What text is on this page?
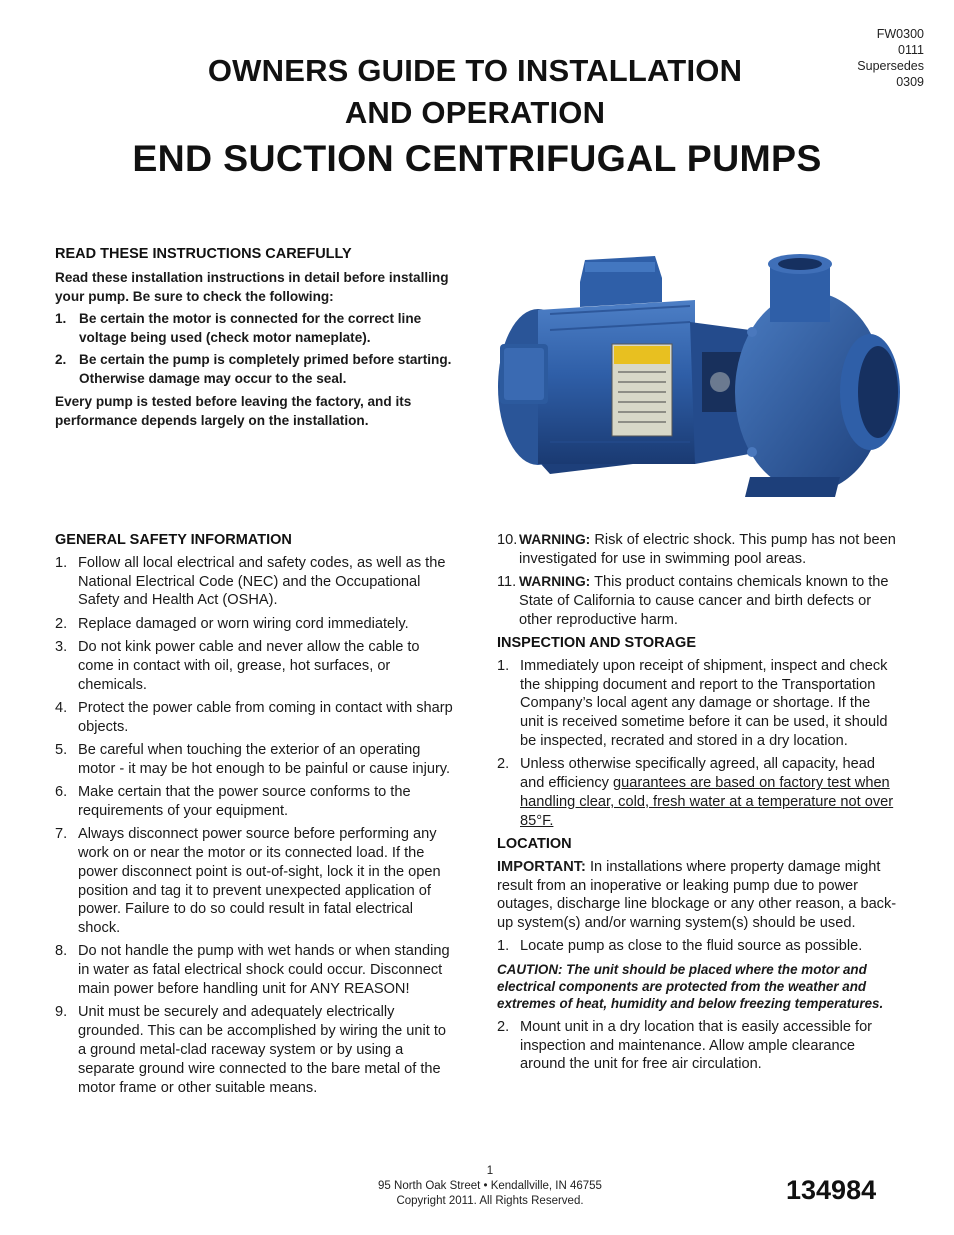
FW0300
0111
Supersedes
0309
OWNERS GUIDE TO INSTALLATION
AND OPERATION
END SUCTION CENTRIFUGAL PUMPS
READ THESE INSTRUCTIONS CAREFULLY

Read these installation instructions in detail before installing your pump. Be sure to check the following:

1. Be certain the motor is connected for the correct line voltage being used (check motor nameplate).
2. Be certain the pump is completely primed before starting. Otherwise damage may occur to the seal.

Every pump is tested before leaving the factory, and its performance depends largely on the installation.

GENERAL SAFETY INFORMATION
1. Follow all local electrical and safety codes, as well as the National Electrical Code (NEC) and the Occupational Safety and Health Act (OSHA).
2. Replace damaged or worn wiring cord immediately.
3. Do not kink power cable and never allow the cable to come in contact with oil, grease, hot surfaces, or chemicals.
4. Protect the power cable from coming in contact with sharp objects.
5. Be careful when touching the exterior of an operating motor - it may be hot enough to be painful or cause injury.
6. Make certain that the power source conforms to the requirements of your equipment.
7. Always disconnect power source before performing any work on or near the motor or its connected load. If the power disconnect point is out-of-sight, lock it in the open position and tag it to prevent unexpected application of power. Failure to do so could result in fatal electrical shock.
8. Do not handle the pump with wet hands or when standing in water as fatal electrical shock could occur. Disconnect main power before handling unit for ANY REASON!
9. Unit must be securely and adequately electrically grounded. This can be accomplished by wiring the unit to a ground metal-clad raceway system or by using a separate ground wire connected to the bare metal of the motor frame or other suitable means.
10. WARNING: Risk of electric shock. This pump has not been investigated for use in swimming pool areas.
11. WARNING: This product contains chemicals known to the State of California to cause cancer and birth defects or other reproductive harm.
INSPECTION AND STORAGE
1. Immediately upon receipt of shipment, inspect and check the shipping document and report to the Transportation Company’s local agent any damage or shortage. If the unit is received sometime before it can be used, it should be inspected, recrated and stored in a dry location.
2. Unless otherwise specifically agreed, all capacity, head and efficiency guarantees are based on factory test when handling clear, cold, fresh water at a temperature not over 85°F.
LOCATION

IMPORTANT: In installations where property damage might result from an inoperative or leaking pump due to power outages, discharge line blockage or any other reason, a back-up system(s) and/or warning system(s) should be used.

1. Locate pump as close to the fluid source as possible.

CAUTION: The unit should be placed where the motor and electrical components are protected from the weather and extremes of heat, humidity and below freezing temperatures.

2. Mount unit in a dry location that is easily accessible for inspection and maintenance. Allow ample clearance around the unit for free air circulation.
1
95 North Oak Street • Kendallville, IN 46755
Copyright 2011. All Rights Reserved.	134984
